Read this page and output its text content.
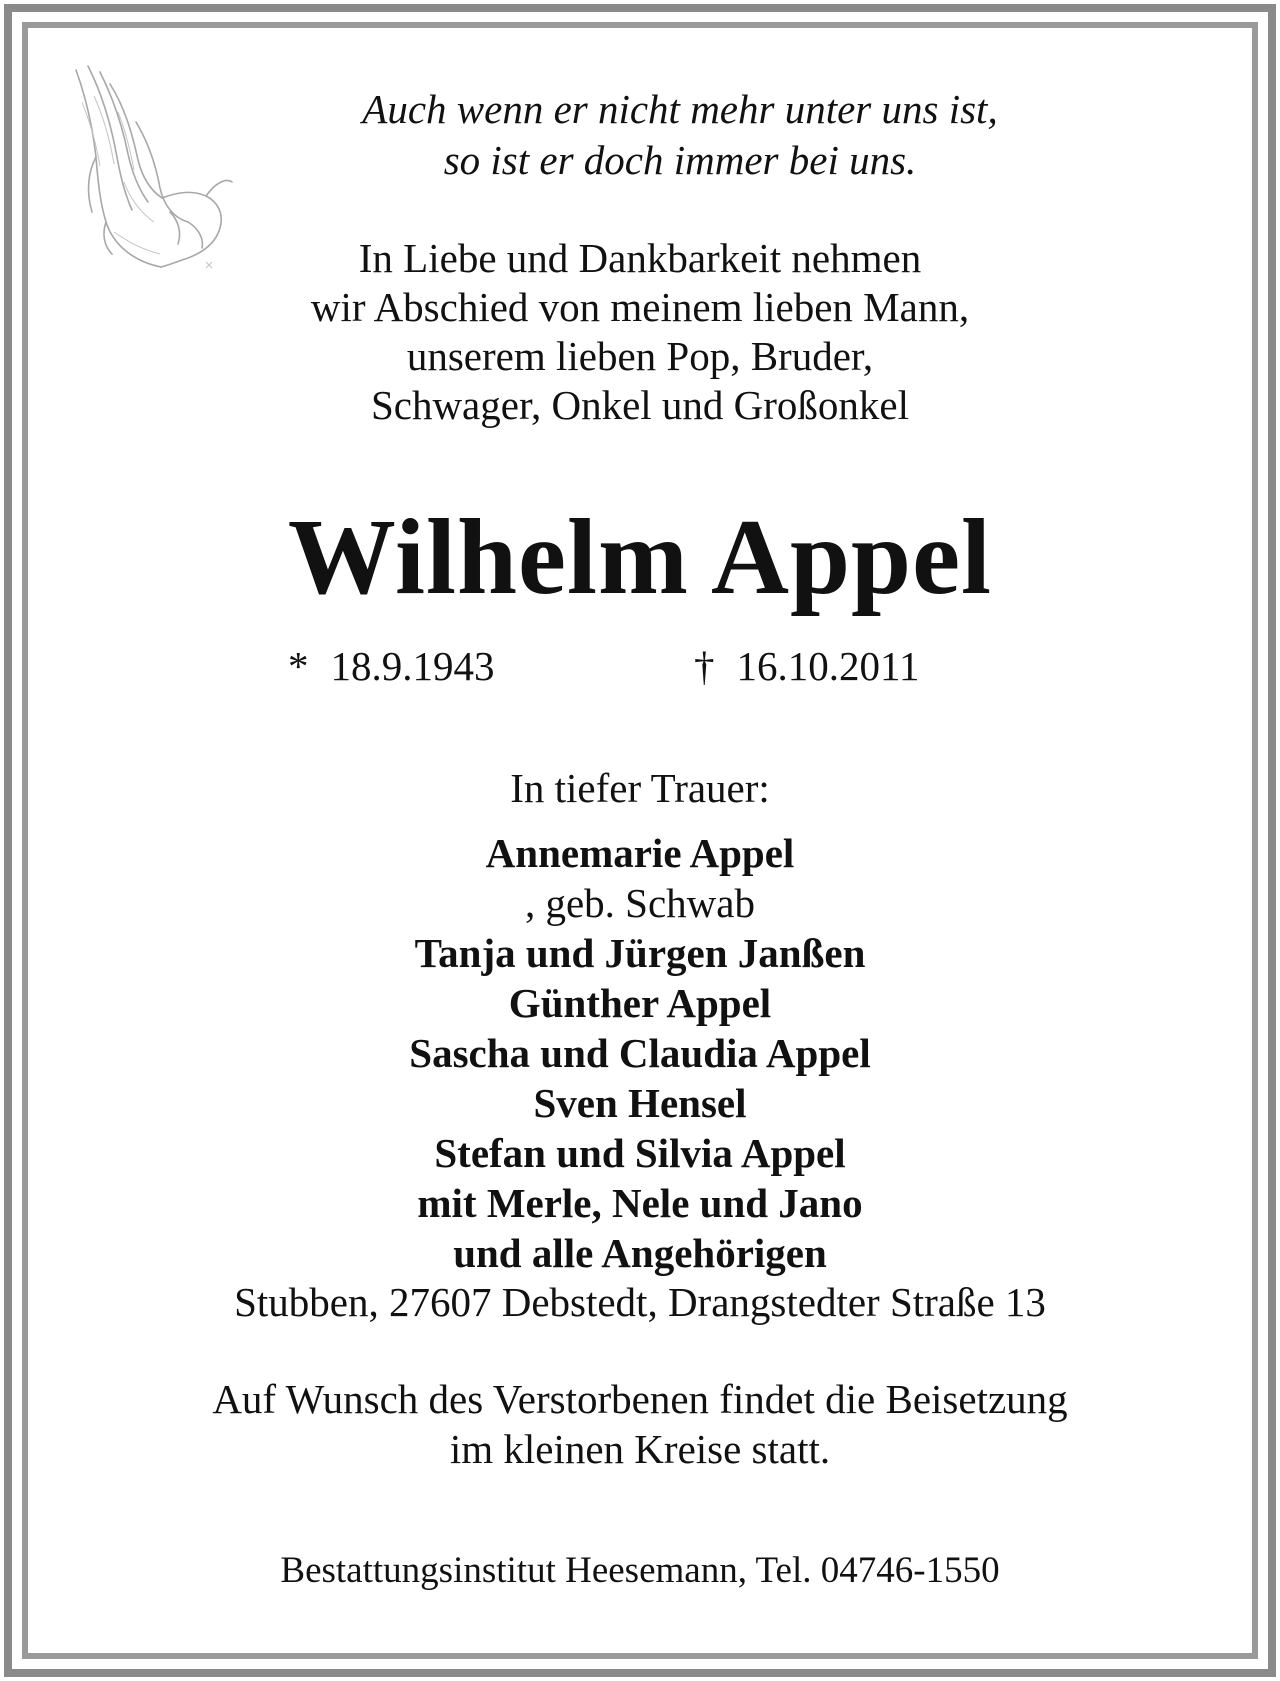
Auch wenn er nicht mehr unter uns ist,
so ist er doch immer bei uns.

In Liebe und Dankbarkeit nehmen
wir Abschied von meinem lieben Mann,
unserem lieben Pop, Bruder,
Schwager, Onkel und Großonkel

Wilhelm Appel
* 18.9.1943	† 16.10.2011

In tiefer Trauer:

Annemarie Appel
, geb. Schwab
Tanja und Jürgen Janßen
Günther Appel
Sascha und Claudia Appel
Sven Hensel
Stefan und Silvia Appel
mit Merle, Nele und Jano
und alle Angehörigen

Stubben, 27607 Debstedt, Drangstedter Straße 13

Auf Wunsch des Verstorbenen findet die Beisetzung
im kleinen Kreise statt.

Bestattungsinstitut Heesemann, Tel. 04746-1550
